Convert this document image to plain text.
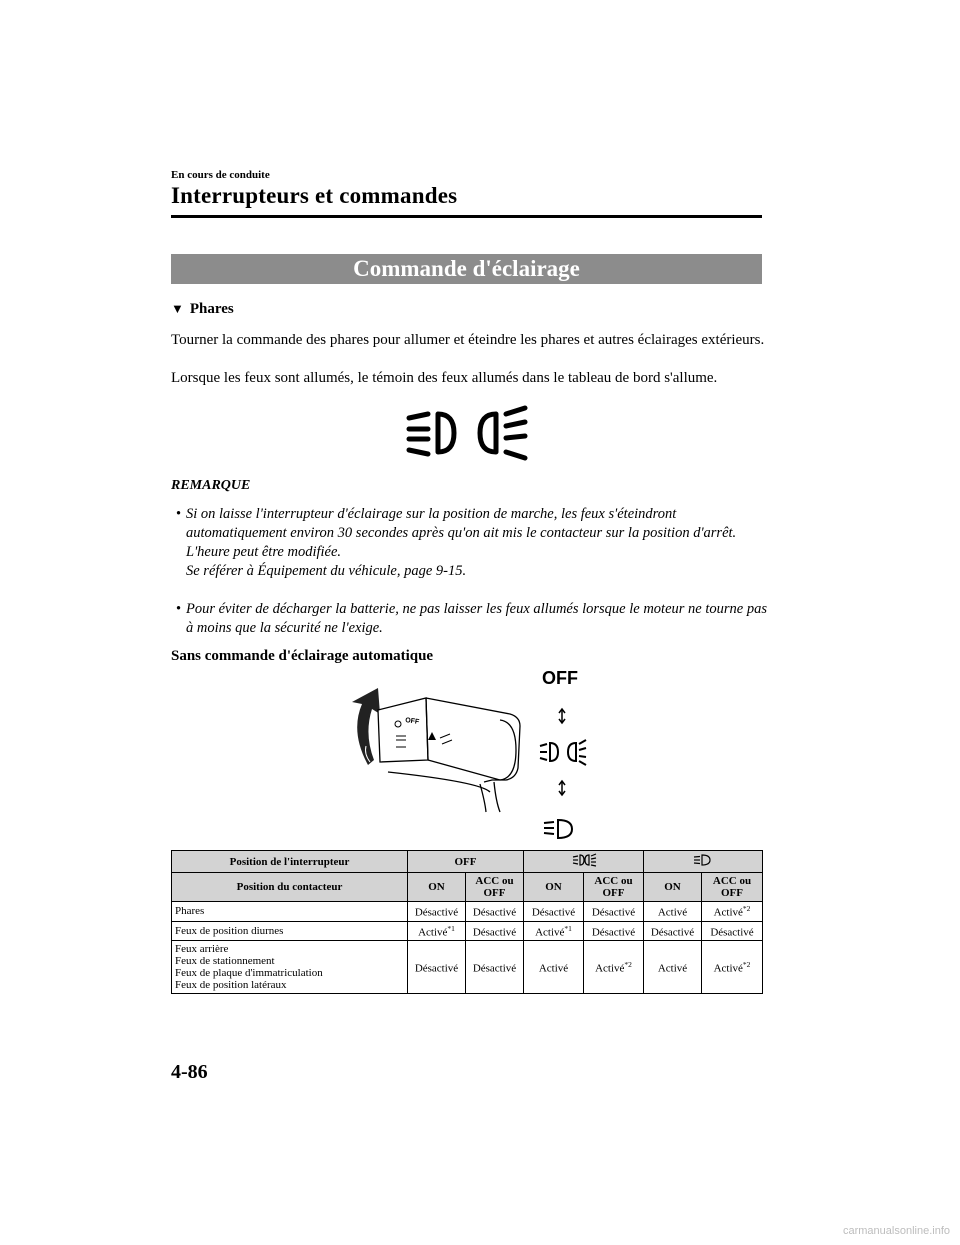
En cours de conduite
Interrupteurs et commandes
Commande d'éclairage
▼ Phares
Tourner la commande des phares pour allumer et éteindre les phares et autres éclairages extérieurs.
Lorsque les feux sont allumés, le témoin des feux allumés dans le tableau de bord s'allume.
REMARQUE
• Si on laisse l'interrupteur d'éclairage sur la position de marche, les feux s'éteindront automatiquement environ 30 secondes après qu'on ait mis le contacteur sur la position d'arrêt.
L'heure peut être modifiée.
Se référer à Équipement du véhicule, page 9-15.
• Pour éviter de décharger la batterie, ne pas laisser les feux allumés lorsque le moteur ne tourne pas à moins que la sécurité ne l'exige.
Sans commande d'éclairage automatique
OFF
OFF
Position de l'interrupteur	OFF		
Position du contacteur	ON	ACC ou OFF	ON	ACC ou OFF	ON	ACC ou OFF

Phares	Désactivé	Désactivé	Désactivé	Désactivé	Activé	Activé$^{*2}$

Feux de position diurnes	Activé$^{*1}$	Désactivé	Activé$^{*1}$	Désactivé	Désactivé	Désactivé

Feux arrière
Feux de stationnement
Feux de plaque d'immatriculation
Feux de position latéraux	Désactivé	Désactivé	Activé	Activé$^{*2}$	Activé	Activé$^{*2}$
4-86
carmanualsonline.info
